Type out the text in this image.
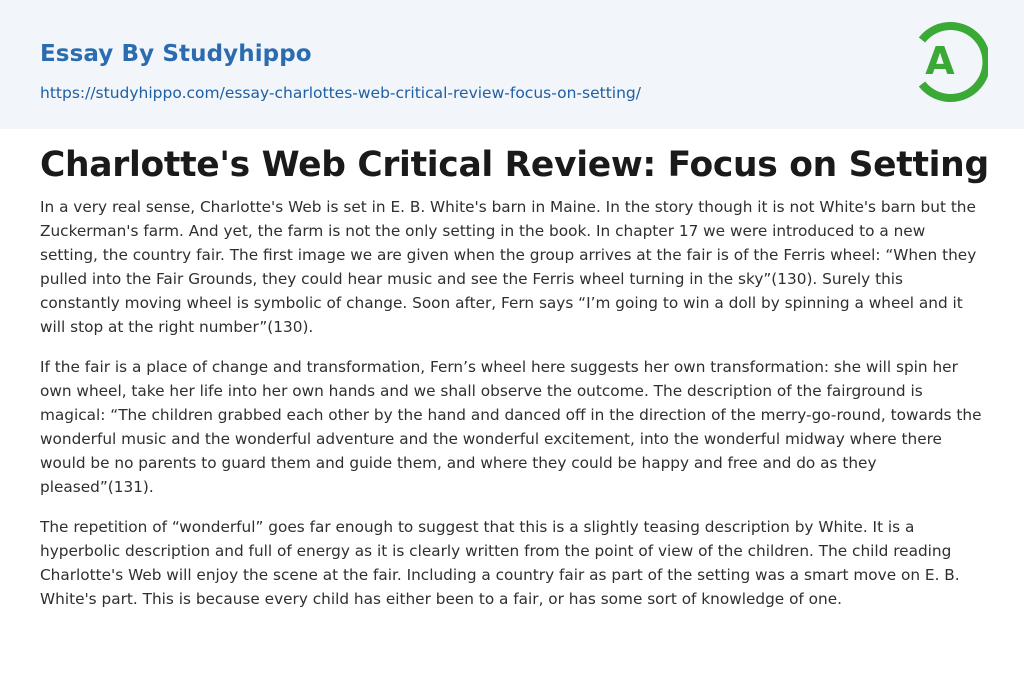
Essay By Studyhippo
https://studyhippo.com/essay-charlottes-web-critical-review-focus-on-setting/
A
Charlotte's Web Critical Review: Focus on Setting

In a very real sense, Charlotte's Web is set in E. B. White's barn in Maine. In the story though it is not White's barn but the Zuckerman's farm. And yet, the farm is not the only setting in the book. In chapter 17 we were introduced to a new setting, the country fair. The first image we are given when the group arrives at the fair is of the Ferris wheel: “When they pulled into the Fair Grounds, they could hear music and see the Ferris wheel turning in the sky”(130). Surely this constantly moving wheel is symbolic of change. Soon after, Fern says “I’m going to win a doll by spinning a wheel and it will stop at the right number”(130).

If the fair is a place of change and transformation, Fern’s wheel here suggests her own transformation: she will spin her own wheel, take her life into her own hands and we shall observe the outcome. The description of the fairground is magical: “The children grabbed each other by the hand and danced off in the direction of the merry-go-round, towards the wonderful music and the wonderful adventure and the wonderful excitement, into the wonderful midway where there would be no parents to guard them and guide them, and where they could be happy and free and do as they pleased”(131).

The repetition of “wonderful” goes far enough to suggest that this is a slightly teasing description by White. It is a hyperbolic description and full of energy as it is clearly written from the point of view of the children. The child reading Charlotte's Web will enjoy the scene at the fair. Including a country fair as part of the setting was a smart move on E. B. White's part. This is because every child has either been to a fair, or has some sort of knowledge of one.
